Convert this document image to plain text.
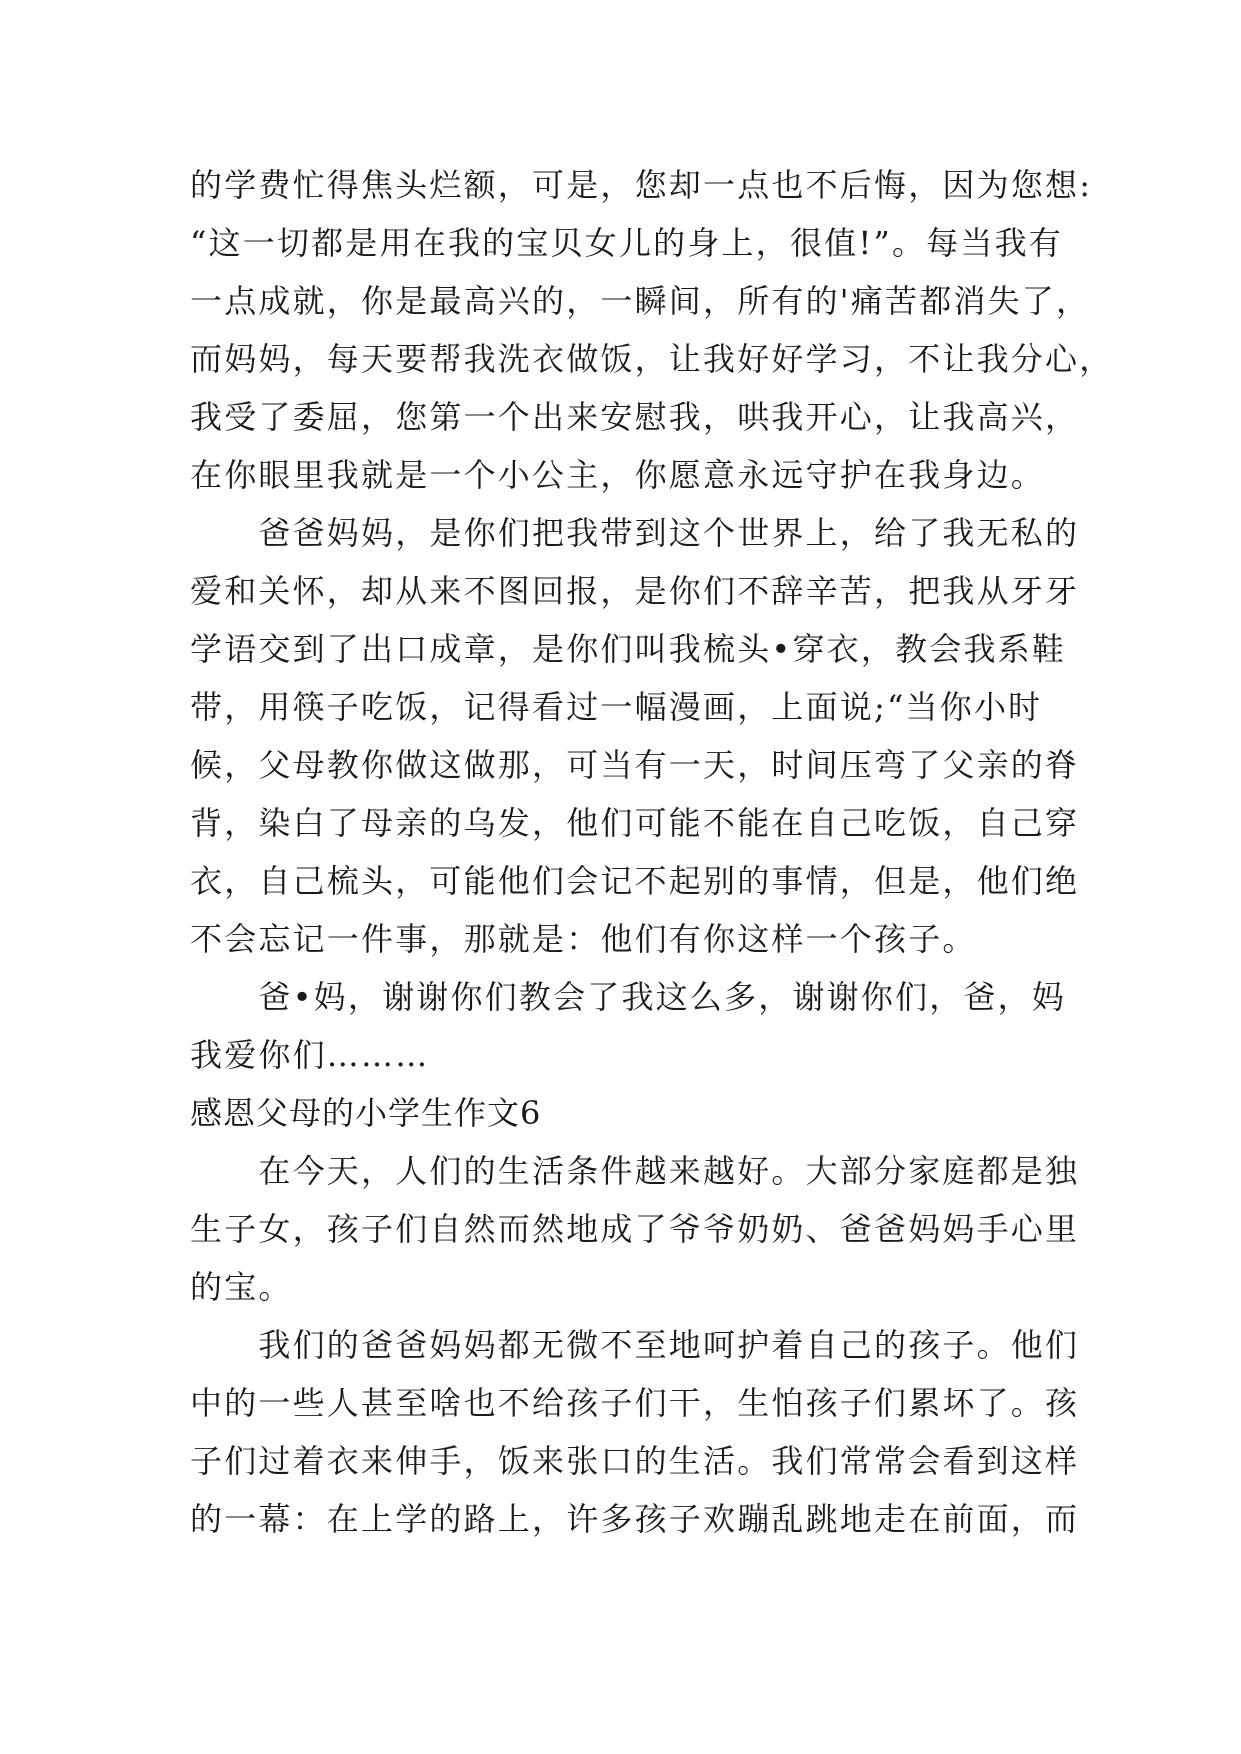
的学费忙得焦头烂额，可是，您却一点也不后悔，因为您想:
“这一切都是用在我的宝贝女儿的身上，很值!”。每当我有
一点成就，你是最高兴的，一瞬间，所有的'痛苦都消失了，
而妈妈，每天要帮我洗衣做饭，让我好好学习，不让我分心，
我受了委屈，您第一个出来安慰我，哄我开心，让我高兴，
在你眼里我就是一个小公主，你愿意永远守护在我身边。
　　爸爸妈妈，是你们把我带到这个世界上，给了我无私的
爱和关怀，却从来不图回报，是你们不辞辛苦，把我从牙牙
学语交到了出口成章，是你们叫我梳头•穿衣，教会我系鞋
带，用筷子吃饭，记得看过一幅漫画，上面说;“当你小时
候，父母教你做这做那，可当有一天，时间压弯了父亲的脊
背，染白了母亲的乌发，他们可能不能在自己吃饭，自己穿
衣，自己梳头，可能他们会记不起别的事情，但是，他们绝
不会忘记一件事，那就是：他们有你这样一个孩子。
　　爸•妈，谢谢你们教会了我这么多，谢谢你们，爸，妈
我爱你们………
感恩父母的小学生作文6
　　在今天，人们的生活条件越来越好。大部分家庭都是独
生子女，孩子们自然而然地成了爷爷奶奶、爸爸妈妈手心里
的宝。
　　我们的爸爸妈妈都无微不至地呵护着自己的孩子。他们
中的一些人甚至啥也不给孩子们干，生怕孩子们累坏了。孩
子们过着衣来伸手，饭来张口的生活。我们常常会看到这样
的一幕：在上学的路上，许多孩子欢蹦乱跳地走在前面，而
